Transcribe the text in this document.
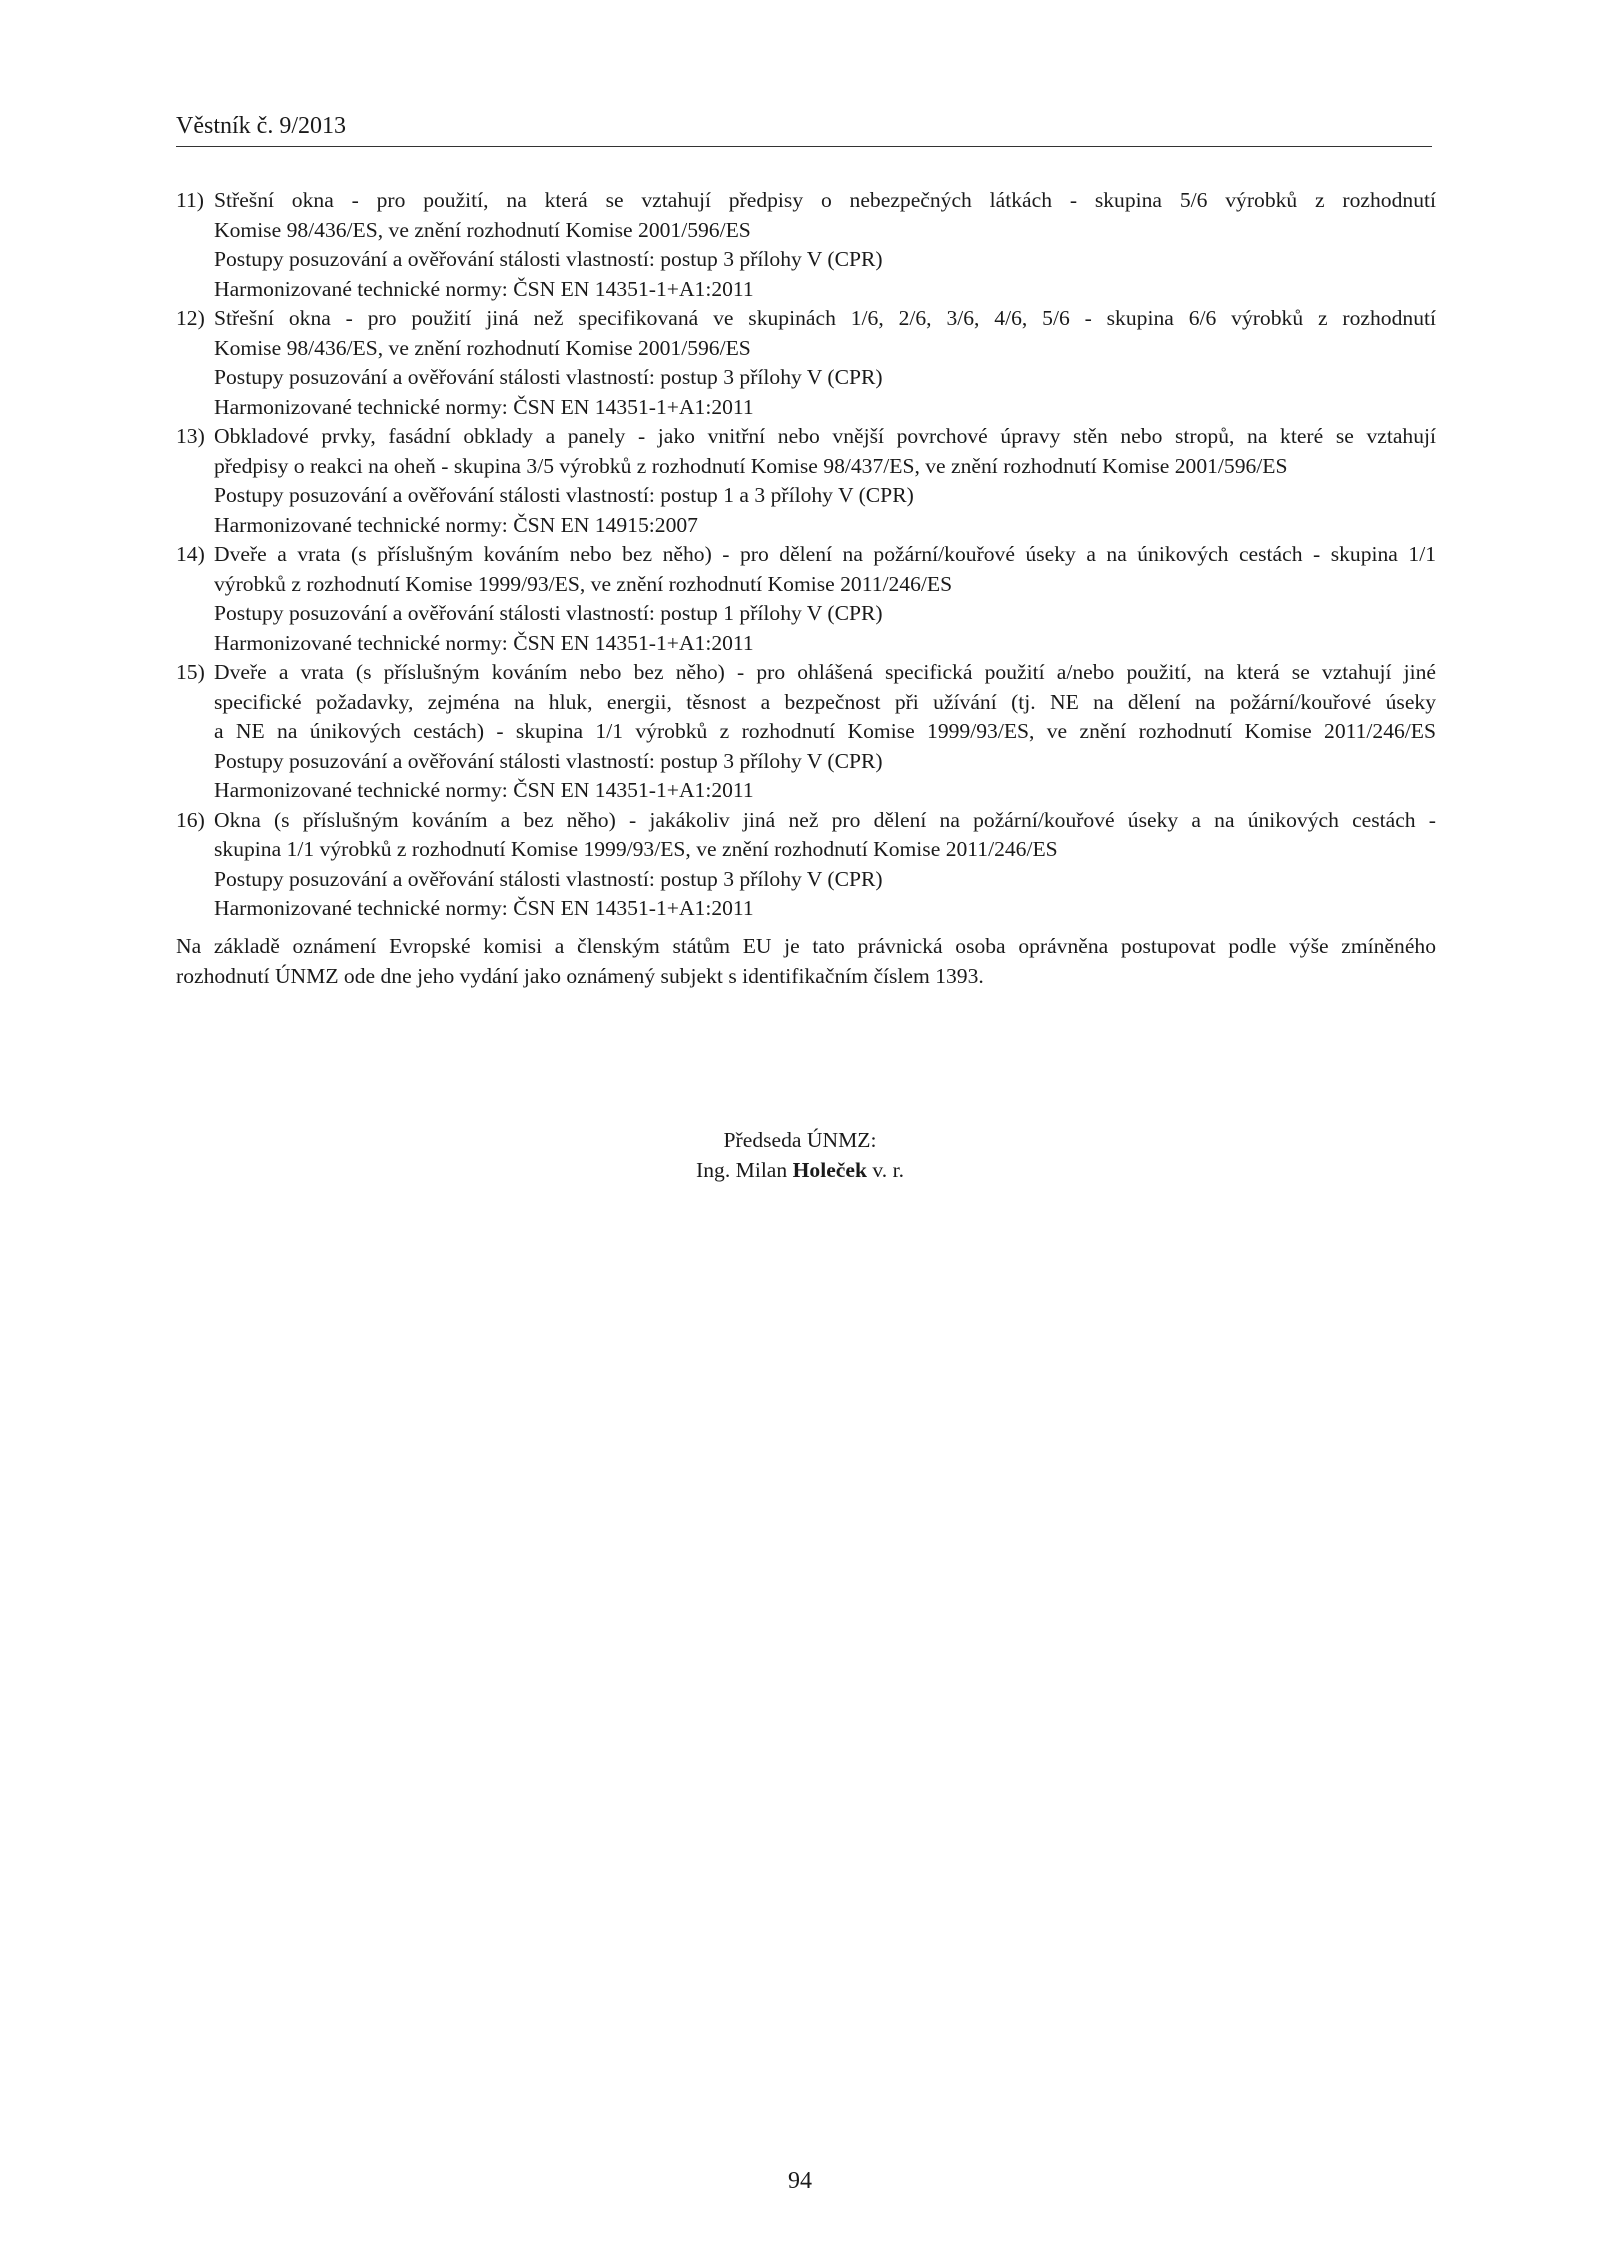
Věstník č. 9/2013
11) Střešní okna - pro použití, na která se vztahují předpisy o nebezpečných látkách - skupina 5/6 výrobků z rozhodnutí
Komise 98/436/ES, ve znění rozhodnutí Komise 2001/596/ES
Postupy posuzování a ověřování stálosti vlastností: postup 3 přílohy V (CPR)
Harmonizované technické normy: ČSN EN 14351-1+A1:2011
12) Střešní okna - pro použití jiná než specifikovaná ve skupinách 1/6, 2/6, 3/6, 4/6, 5/6 - skupina 6/6 výrobků z rozhodnutí
Komise 98/436/ES, ve znění rozhodnutí Komise 2001/596/ES
Postupy posuzování a ověřování stálosti vlastností: postup 3 přílohy V (CPR)
Harmonizované technické normy: ČSN EN 14351-1+A1:2011
13) Obkladové prvky, fasádní obklady a panely - jako vnitřní nebo vnější povrchové úpravy stěn nebo stropů, na které se vztahují
předpisy o reakci na oheň - skupina 3/5 výrobků z rozhodnutí Komise 98/437/ES, ve znění rozhodnutí Komise 2001/596/ES
Postupy posuzování a ověřování stálosti vlastností: postup 1 a 3 přílohy V (CPR)
Harmonizované technické normy: ČSN EN 14915:2007
14) Dveře a vrata (s příslušným kováním nebo bez něho) - pro dělení na požární/kouřové úseky a na únikových cestách - skupina 1/1
výrobků z rozhodnutí Komise 1999/93/ES, ve znění rozhodnutí Komise 2011/246/ES
Postupy posuzování a ověřování stálosti vlastností: postup 1 přílohy V (CPR)
Harmonizované technické normy: ČSN EN 14351-1+A1:2011
15) Dveře a vrata (s příslušným kováním nebo bez něho) - pro ohlášená specifická použití a/nebo použití, na která se vztahují jiné
specifické požadavky, zejména na hluk, energii, těsnost a bezpečnost při užívání (tj. NE na dělení na požární/kouřové úseky
a NE na únikových cestách) - skupina 1/1 výrobků z rozhodnutí Komise 1999/93/ES, ve znění rozhodnutí Komise 2011/246/ES
Postupy posuzování a ověřování stálosti vlastností: postup 3 přílohy V (CPR)
Harmonizované technické normy: ČSN EN 14351-1+A1:2011
16) Okna (s příslušným kováním a bez něho) - jakákoliv jiná než pro dělení na požární/kouřové úseky a na únikových cestách -
skupina 1/1 výrobků z rozhodnutí Komise 1999/93/ES, ve znění rozhodnutí Komise 2011/246/ES
Postupy posuzování a ověřování stálosti vlastností: postup 3 přílohy V (CPR)
Harmonizované technické normy: ČSN EN 14351-1+A1:2011
Na základě oznámení Evropské komisi a členským státům EU je tato právnická osoba oprávněna postupovat podle výše zmíněného
rozhodnutí ÚNMZ ode dne jeho vydání jako oznámený subjekt s identifikačním číslem 1393.
Předseda ÚNMZ:
Ing. Milan Holeček v. r.
94
